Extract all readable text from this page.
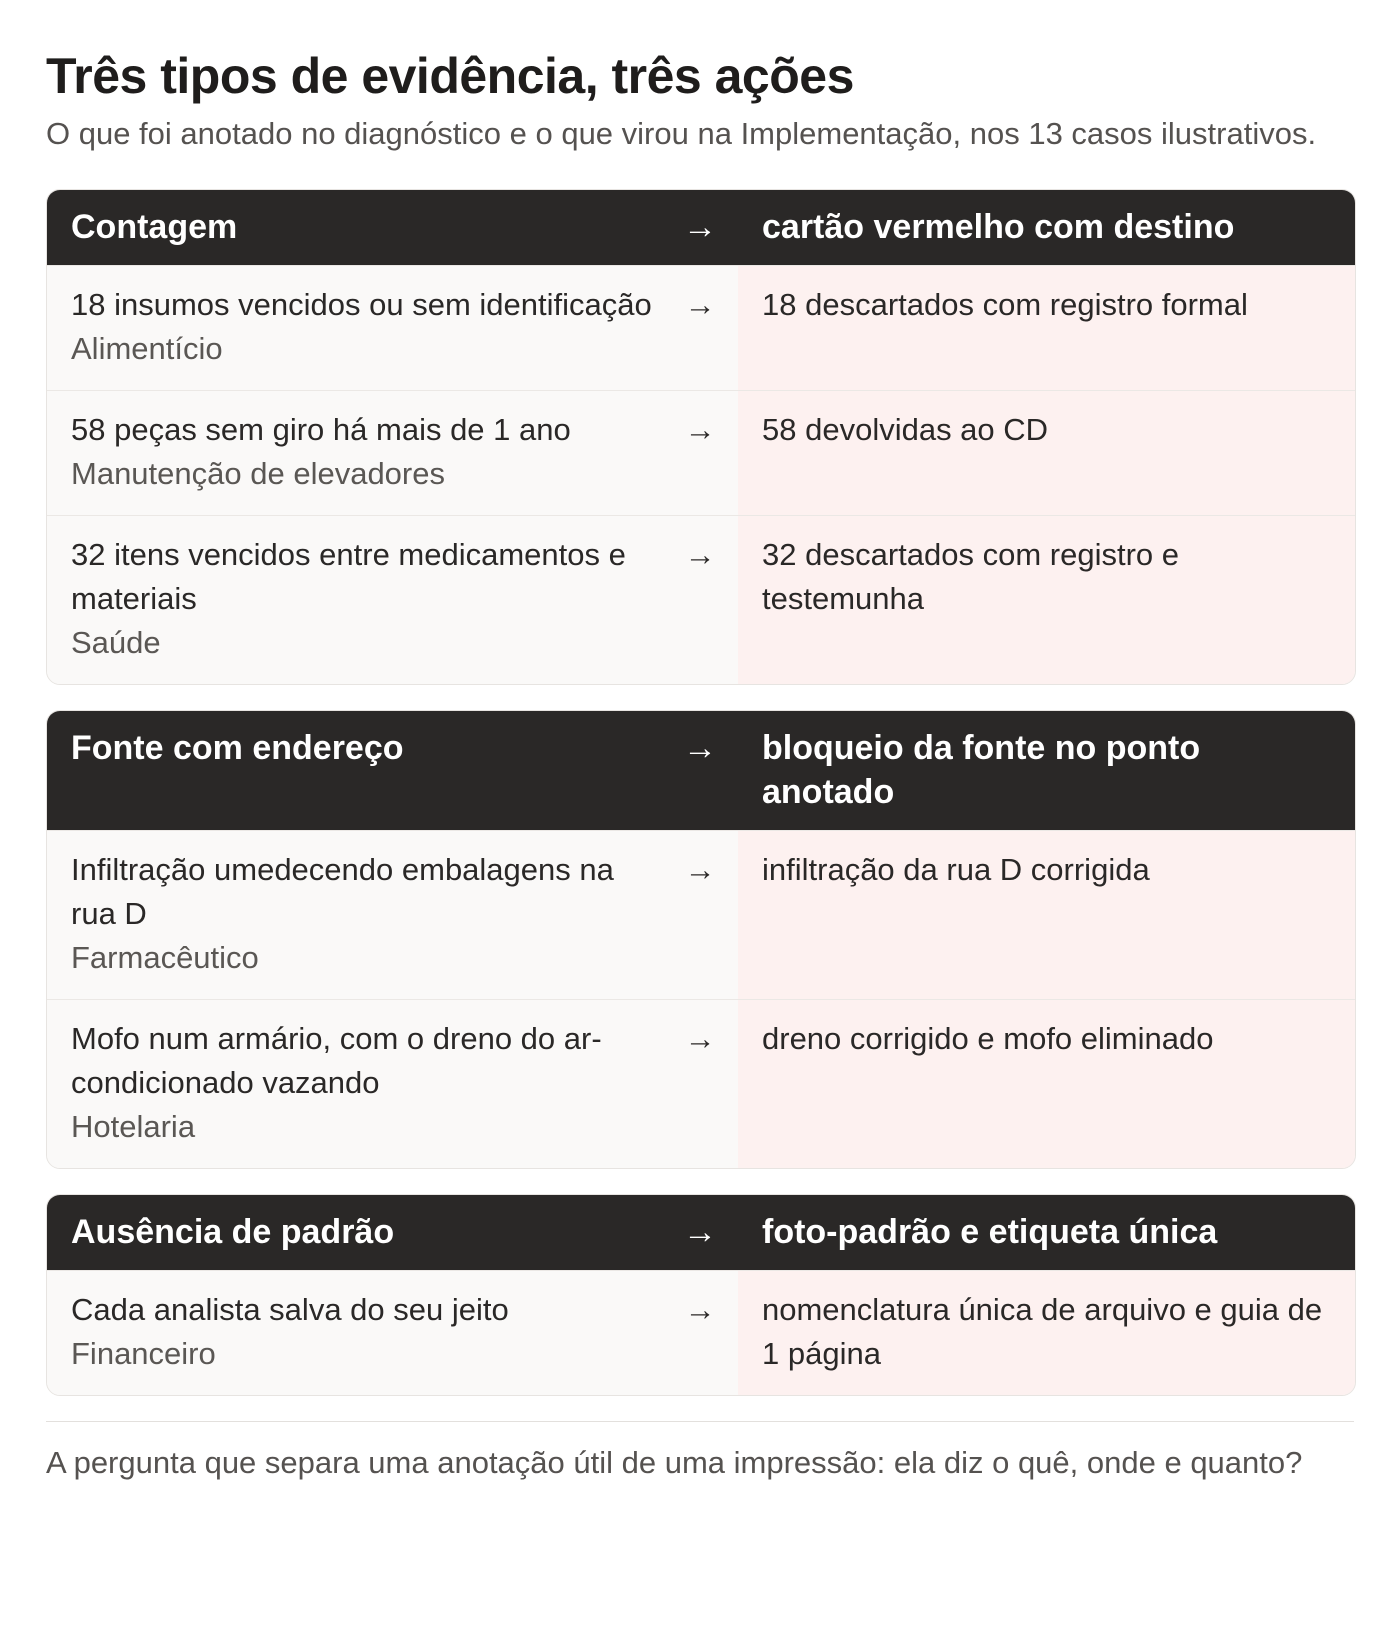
Três tipos de evidência, três ações

O que foi anotado no diagnóstico e o que virou na Implementação, nos 13 casos ilustrativos.

Contagem	→	cartão vermelho com destino
18 insumos vencidos ou sem identificação
Alimentício
→	18 descartados com registro formal
58 peças sem giro há mais de 1 ano
Manutenção de elevadores
→	58 devolvidas ao CD
32 itens vencidos entre medicamentos e materiais
Saúde
→	32 descartados com registro e testemunha
Fonte com endereço	→	bloqueio da fonte no ponto anotado
Infiltração umedecendo embalagens na rua D
Farmacêutico
→	infiltração da rua D corrigida
Mofo num armário, com o dreno do ar-condicionado vazando
Hotelaria
→	dreno corrigido e mofo eliminado
Ausência de padrão	→	foto-padrão e etiqueta única
Cada analista salva do seu jeito
Financeiro
→	nomenclatura única de arquivo e guia de 1 página

A pergunta que separa uma anotação útil de uma impressão: ela diz o quê, onde e quanto?
